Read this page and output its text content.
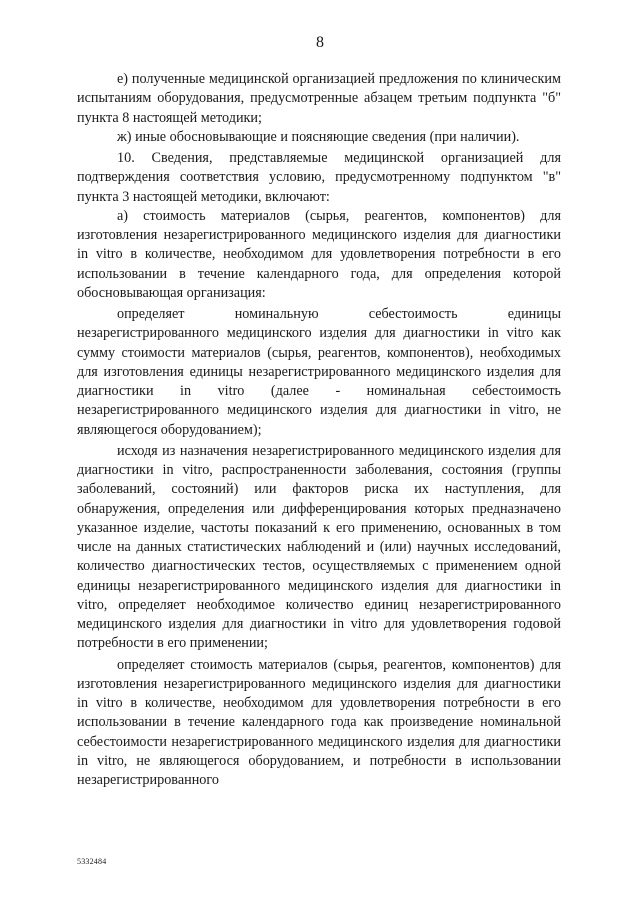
8

е) полученные медицинской организацией предложения по клиническим испытаниям оборудования, предусмотренные абзацем третьим подпункта "б" пункта 8 настоящей методики;

ж) иные обосновывающие и поясняющие сведения (при наличии).

10. Сведения, представляемые медицинской организацией для подтверждения соответствия условию, предусмотренному подпунктом "в" пункта 3 настоящей методики, включают:

а) стоимость материалов (сырья, реагентов, компонентов) для изготовления незарегистрированного медицинского изделия для диагностики in vitro в количестве, необходимом для удовлетворения потребности в его использовании в течение календарного года, для определения которой обосновывающая организация:

определяет номинальную себестоимость единицы незарегистрированного медицинского изделия для диагностики in vitro как сумму стоимости материалов (сырья, реагентов, компонентов), необходимых для изготовления единицы незарегистрированного медицинского изделия для диагностики in vitro (далее - номинальная себестоимость незарегистрированного медицинского изделия для диагностики in vitro, не являющегося оборудованием);

исходя из назначения незарегистрированного медицинского изделия для диагностики in vitro, распространенности заболевания, состояния (группы заболеваний, состояний) или факторов риска их наступления, для обнаружения, определения или дифференцирования которых предназначено указанное изделие, частоты показаний к его применению, основанных в том числе на данных статистических наблюдений и (или) научных исследований, количество диагностических тестов, осуществляемых с применением одной единицы незарегистрированного медицинского изделия для диагностики in vitro, определяет необходимое количество единиц незарегистрированного медицинского изделия для диагностики in vitro для удовлетворения годовой потребности в его применении;

определяет стоимость материалов (сырья, реагентов, компонентов) для изготовления незарегистрированного медицинского изделия для диагностики in vitro в количестве, необходимом для удовлетворения потребности в его использовании в течение календарного года как произведение номинальной себестоимости незарегистрированного медицинского изделия для диагностики in vitro, не являющегося оборудованием, и потребности в использовании незарегистрированного

5332484
